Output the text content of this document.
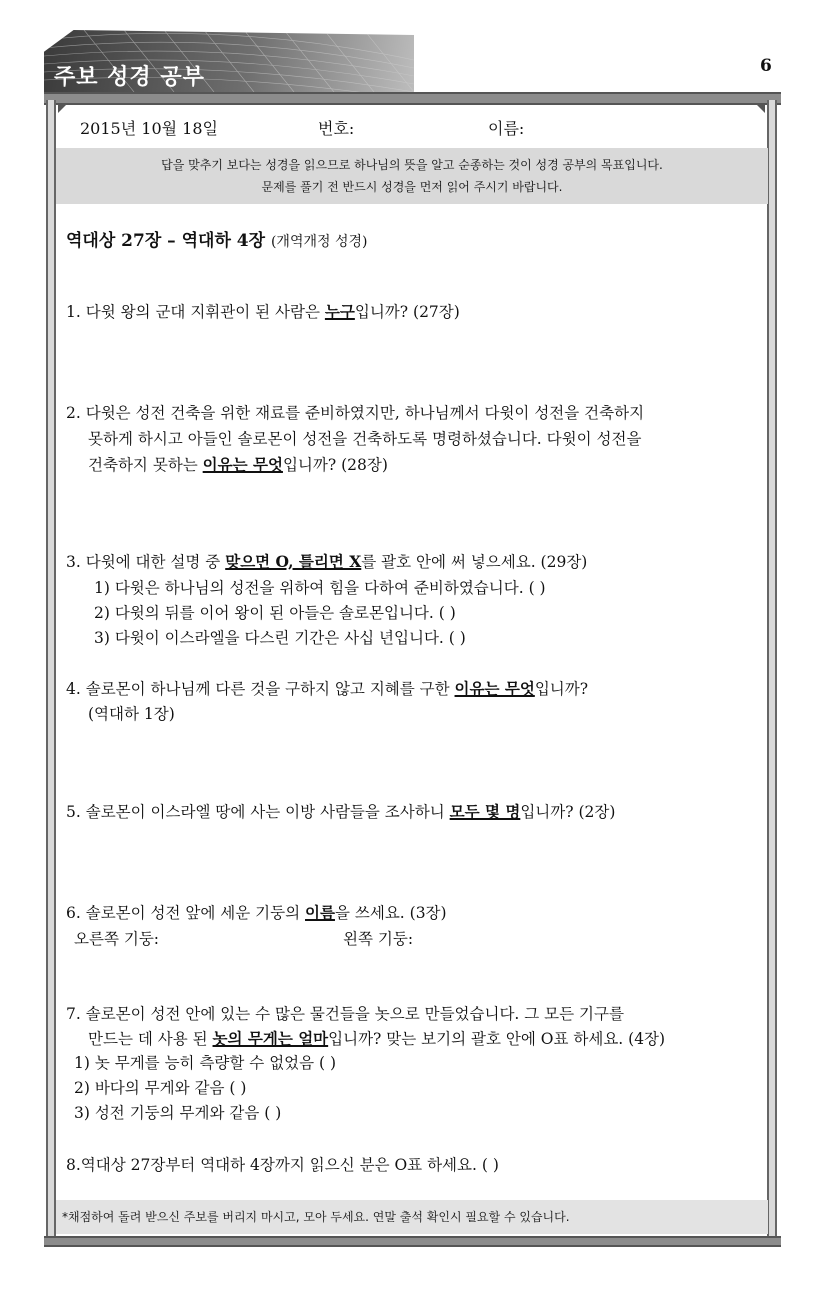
주보 성경 공부	6
2015년 10월 18일	번호:	이름:
답을 맞추기 보다는 성경을 읽으므로 하나님의 뜻을 알고 순종하는 것이 성경 공부의 목표입니다.
문제를 풀기 전 반드시 성경을 먼저 읽어 주시기 바랍니다.
역대상 27장 – 역대하 4장 (개역개정 성경)
1. 다윗 왕의 군대 지휘관이 된 사람은 누구입니까? (27장)
2. 다윗은 성전 건축을 위한 재료를 준비하였지만, 하나님께서 다윗이 성전을 건축하지
못하게 하시고 아들인 솔로몬이 성전을 건축하도록 명령하셨습니다. 다윗이 성전을
건축하지 못하는 이유는 무엇입니까? (28장)
3. 다윗에 대한 설명 중 맞으면 O, 틀리면 X를 괄호 안에 써 넣으세요. (29장)
1) 다윗은 하나님의 성전을 위하여 힘을 다하여 준비하였습니다. ( )
2) 다윗의 뒤를 이어 왕이 된 아들은 솔로몬입니다. ( )
3) 다윗이 이스라엘을 다스린 기간은 사십 년입니다. ( )
4. 솔로몬이 하나님께 다른 것을 구하지 않고 지혜를 구한 이유는 무엇입니까?
(역대하 1장)
5. 솔로몬이 이스라엘 땅에 사는 이방 사람들을 조사하니 모두 몇 명입니까? (2장)
6. 솔로몬이 성전 앞에 세운 기둥의 이름을 쓰세요. (3장)
오른쪽 기둥:	왼쪽 기둥:
7. 솔로몬이 성전 안에 있는 수 많은 물건들을 놋으로 만들었습니다. 그 모든 기구를
만드는 데 사용 된 놋의 무게는 얼마입니까? 맞는 보기의 괄호 안에 O표 하세요. (4장)
1) 놋 무게를 능히 측량할 수 없었음 ( )
2) 바다의 무게와 같음 ( )
3) 성전 기둥의 무게와 같음 ( )
8.역대상 27장부터 역대하 4장까지 읽으신 분은 O표 하세요. ( )
*채점하여 돌려 받으신 주보를 버리지 마시고, 모아 두세요. 연말 출석 확인시 필요할 수 있습니다.
